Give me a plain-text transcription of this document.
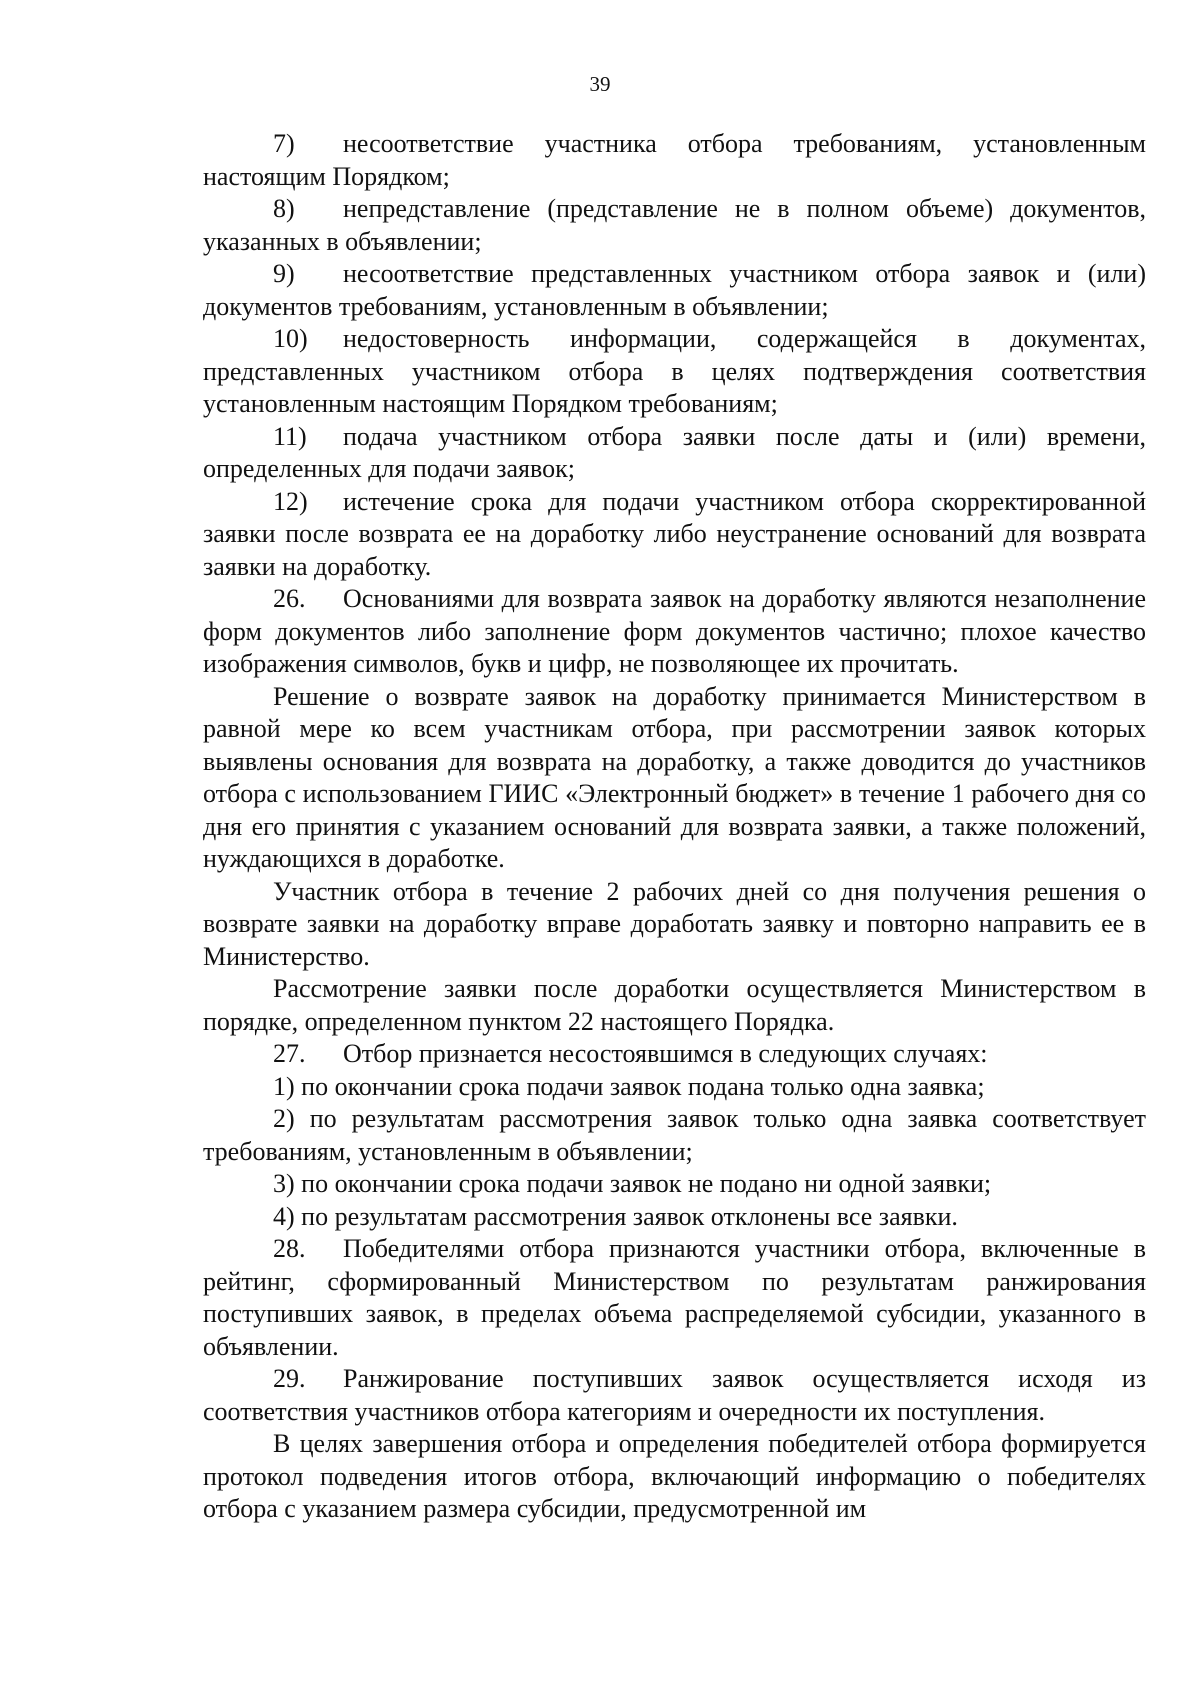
39

7) несоответствие участника отбора требованиям, установленным настоящим Порядком;

8) непредставление (представление не в полном объеме) документов, указанных в объявлении;

9) несоответствие представленных участником отбора заявок и (или) документов требованиям, установленным в объявлении;

10) недостоверность информации, содержащейся в документах, представленных участником отбора в целях подтверждения соответствия установленным настоящим Порядком требованиям;

11) подача участником отбора заявки после даты и (или) времени, определенных для подачи заявок;

12) истечение срока для подачи участником отбора скорректированной заявки после возврата ее на доработку либо неустранение оснований для возврата заявки на доработку.

26. Основаниями для возврата заявок на доработку являются незаполнение форм документов либо заполнение форм документов частично; плохое качество изображения символов, букв и цифр, не позволяющее их прочитать.

Решение о возврате заявок на доработку принимается Министерством в равной мере ко всем участникам отбора, при рассмотрении заявок которых выявлены основания для возврата на доработку, а также доводится до участников отбора с использованием ГИИС «Электронный бюджет» в течение 1 рабочего дня со дня его принятия с указанием оснований для возврата заявки, а также положений, нуждающихся в доработке.

Участник отбора в течение 2 рабочих дней со дня получения решения о возврате заявки на доработку вправе доработать заявку и повторно направить ее в Министерство.

Рассмотрение заявки после доработки осуществляется Министерством в порядке, определенном пунктом 22 настоящего Порядка.

27. Отбор признается несостоявшимся в следующих случаях:

1) по окончании срока подачи заявок подана только одна заявка;

2) по результатам рассмотрения заявок только одна заявка соответствует требованиям, установленным в объявлении;

3) по окончании срока подачи заявок не подано ни одной заявки;

4) по результатам рассмотрения заявок отклонены все заявки.

28. Победителями отбора признаются участники отбора, включенные в рейтинг, сформированный Министерством по результатам ранжирования поступивших заявок, в пределах объема распределяемой субсидии, указанного в объявлении.

29. Ранжирование поступивших заявок осуществляется исходя из соответствия участников отбора категориям и очередности их поступления.

В целях завершения отбора и определения победителей отбора формируется протокол подведения итогов отбора, включающий информацию о победителях отбора с указанием размера субсидии, предусмотренной им
